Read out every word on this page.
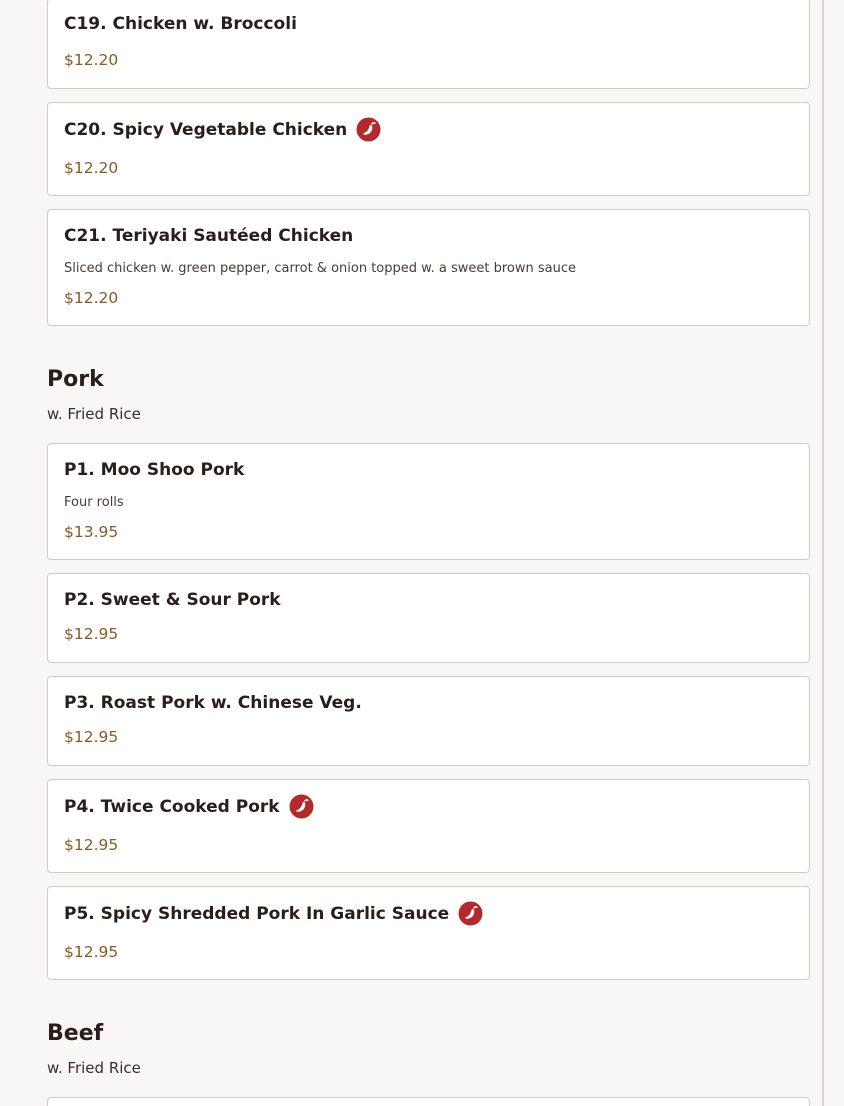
C19. Chicken w. Broccoli
$12.20
C20. Spicy Vegetable Chicken
$12.20
C21. Teriyaki Sautéed Chicken
Sliced chicken w. green pepper, carrot & onion topped w. a sweet brown sauce
$12.20
Pork
w. Fried Rice
P1. Moo Shoo Pork
Four rolls
$13.95
P2. Sweet & Sour Pork
$12.95
P3. Roast Pork w. Chinese Veg.
$12.95
P4. Twice Cooked Pork
$12.95
P5. Spicy Shredded Pork In Garlic Sauce
$12.95
Beef
w. Fried Rice
